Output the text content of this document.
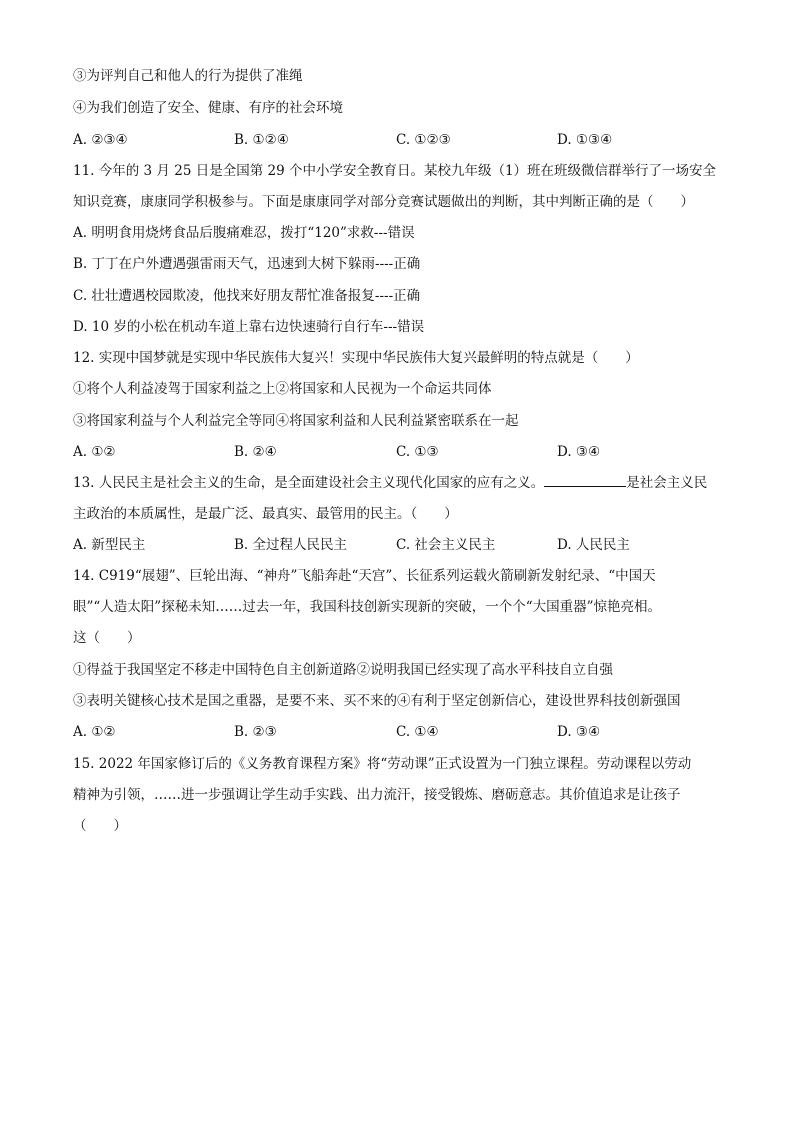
③为评判自己和他人的行为提供了准绳
④为我们创造了安全、健康、有序的社会环境
A. ②③④	B. ①②④	C. ①②③	D. ①③④
11. 今年的 3 月 25 日是全国第 29 个中小学安全教育日。某校九年级（1）班在班级微信群举行了一场安全
知识竞赛，康康同学积极参与。下面是康康同学对部分竞赛试题做出的判断，其中判断正确的是（　　）
A. 明明食用烧烤食品后腹痛难忍，拨打“120”求救---错误
B. 丁丁在户外遭遇强雷雨天气，迅速到大树下躲雨----正确
C. 壮壮遭遇校园欺凌，他找来好朋友帮忙准备报复----正确
D. 10 岁的小松在机动车道上靠右边快速骑行自行车---错误
12. 实现中国梦就是实现中华民族伟大复兴！实现中华民族伟大复兴最鲜明的特点就是（　　）
①将个人利益凌驾于国家利益之上②将国家和人民视为一个命运共同体
③将国家利益与个人利益完全等同④将国家利益和人民利益紧密联系在一起
A. ①②	B. ②④	C. ①③	D. ③④
13. 人民民主是社会主义的生命，是全面建设社会主义现代化国家的应有之义。	是社会主义民
主政治的本质属性，是最广泛、最真实、最管用的民主。（　　）
A. 新型民主	B. 全过程人民民主	C. 社会主义民主	D. 人民民主
14. C919“展翅”、巨轮出海、“神舟”飞船奔赴“天宫”、长征系列运载火箭刷新发射纪录、“中国天
眼”“人造太阳”探秘未知……过去一年，我国科技创新实现新的突破，一个个“大国重器”惊艳亮相。
这（　　）
①得益于我国坚定不移走中国特色自主创新道路②说明我国已经实现了高水平科技自立自强
③表明关键核心技术是国之重器，是要不来、买不来的④有利于坚定创新信心，建设世界科技创新强国
A. ①②	B. ②③	C. ①④	D. ③④
15. 2022 年国家修订后的《义务教育课程方案》将“劳动课”正式设置为一门独立课程。劳动课程以劳动
精神为引领，……进一步强调让学生动手实践、出力流汗，接受锻炼、磨砺意志。其价值追求是让孩子
（　　）
